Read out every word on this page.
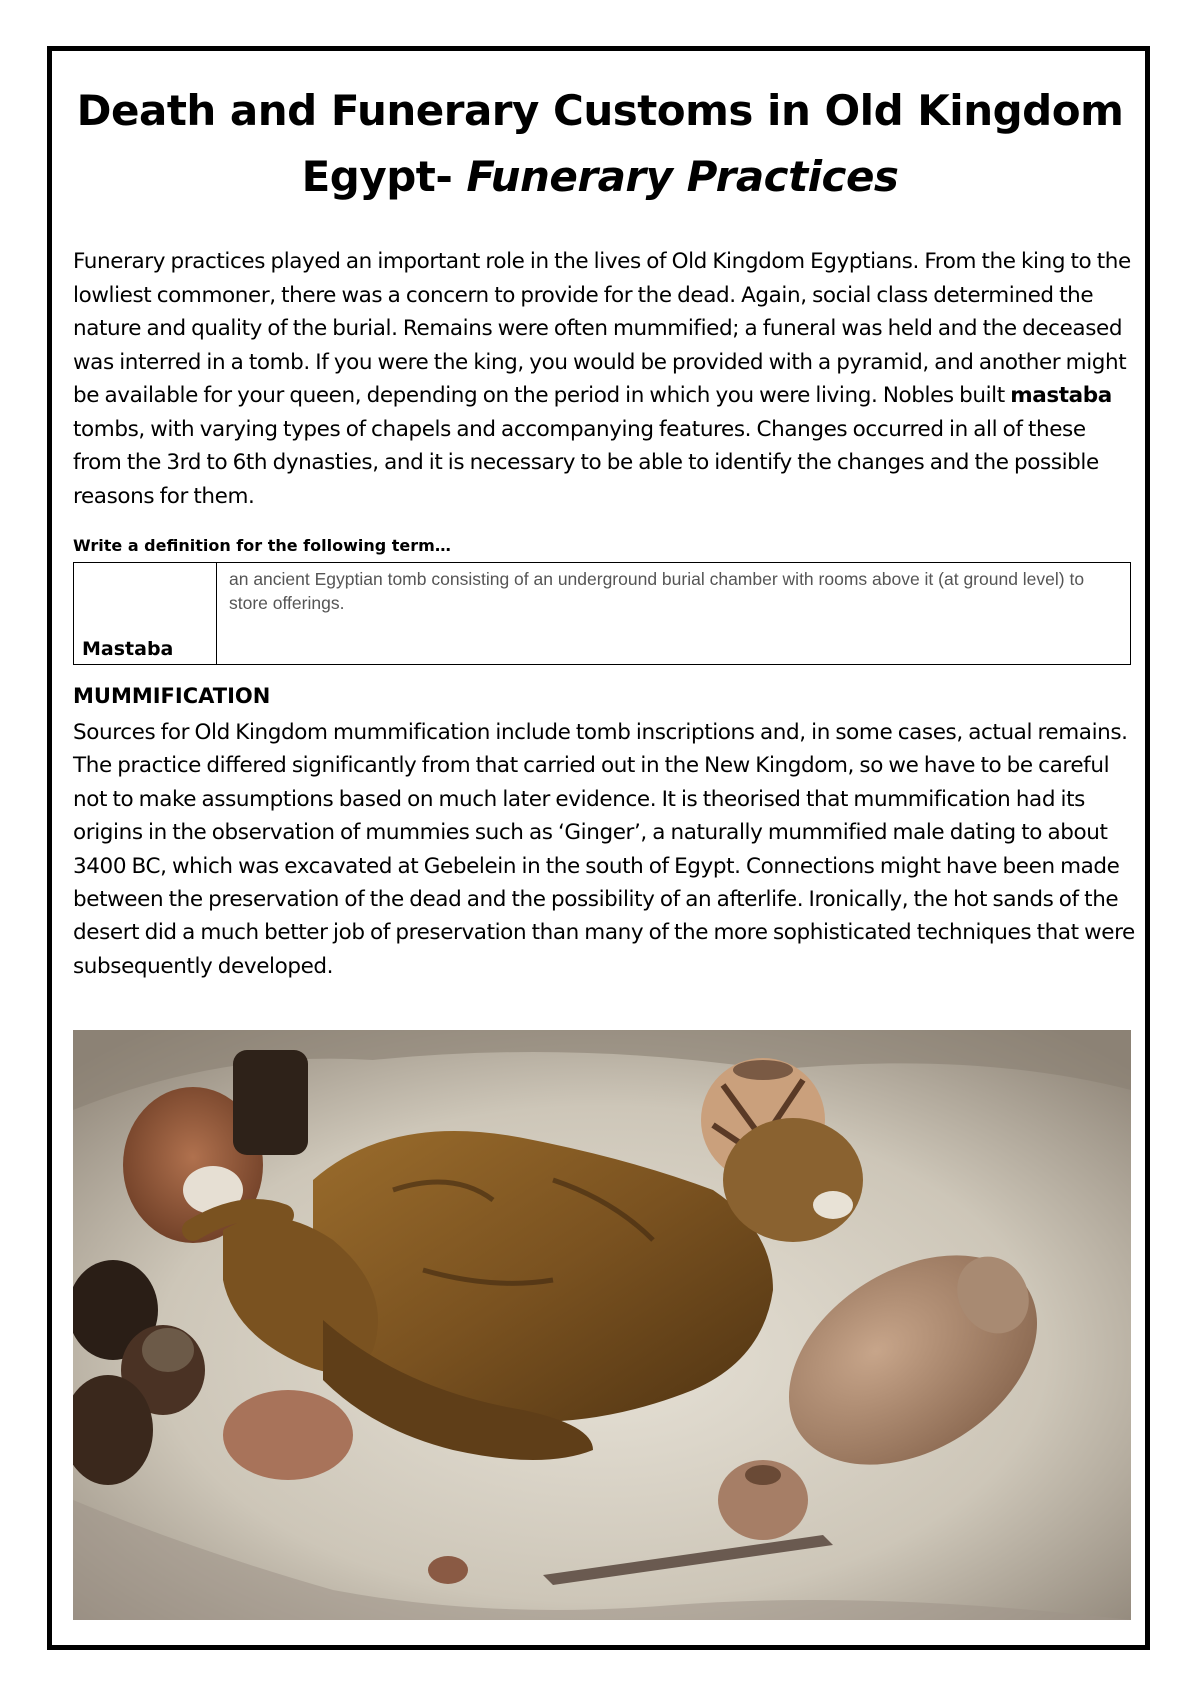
Death and Funerary Customs in Old Kingdom Egypt- Funerary Practices

Funerary practices played an important role in the lives of Old Kingdom Egyptians. From the king to the lowliest commoner, there was a concern to provide for the dead. Again, social class determined the nature and quality of the burial. Remains were often mummified; a funeral was held and the deceased was interred in a tomb. If you were the king, you would be provided with a pyramid, and another might be available for your queen, depending on the period in which you were living. Nobles built mastaba tombs, with varying types of chapels and accompanying features. Changes occurred in all of these from the 3rd to 6th dynasties, and it is necessary to be able to identify the changes and the possible reasons for them.

Write a definition for the following term…

Mastaba
an ancient Egyptian tomb consisting of an underground burial chamber with rooms above it (at ground level) to store offerings.

MUMMIFICATION

Sources for Old Kingdom mummification include tomb inscriptions and, in some cases, actual remains. The practice differed significantly from that carried out in the New Kingdom, so we have to be careful not to make assumptions based on much later evidence. It is theorised that mummification had its origins in the observation of mummies such as ‘Ginger’, a naturally mummified male dating to about 3400 BC, which was excavated at Gebelein in the south of Egypt. Connections might have been made between the preservation of the dead and the possibility of an afterlife. Ironically, the hot sands of the desert did a much better job of preservation than many of the more sophisticated techniques that were subsequently developed.
